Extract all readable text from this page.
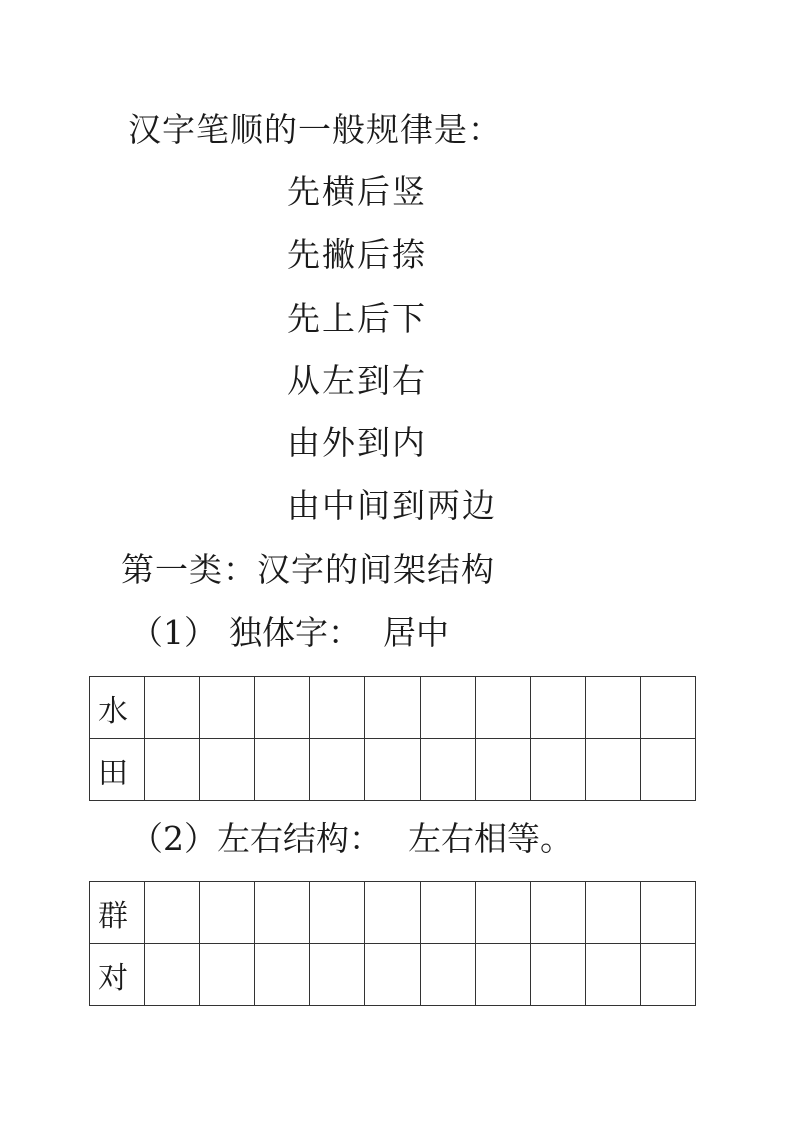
汉字笔顺的一般规律是：
先横后竖
先撇后捺
先上后下
从左到右
由外到内
由中间到两边
第一类：汉字的间架结构
（1） 独体字： 居中
水										
田										
（2）左右结构： 左右相等。
群										
对										
